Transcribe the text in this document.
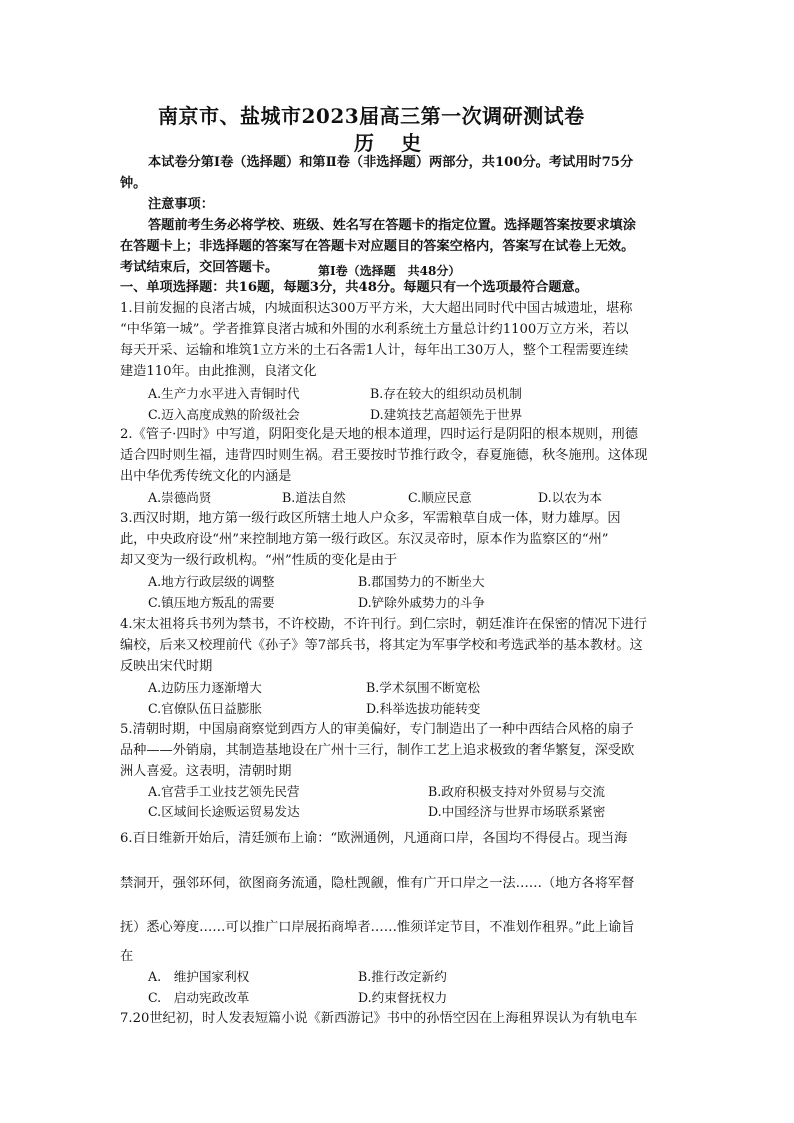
南京市、盐城市2023届高三第一次调研测试卷
历 史
本试卷分第Ⅰ卷（选择题）和第Ⅱ卷（非选择题）两部分，共100分。考试用时75分
钟。
注意事项：
答题前考生务必将学校、班级、姓名写在答题卡的指定位置。选择题答案按要求填涂
在答题卡上；非选择题的答案写在答题卡对应题目的答案空格内，答案写在试卷上无效。
考试结束后，交回答题卡。	第Ⅰ卷（选择题　共48分）
一、单项选择题：共16题，每题3分，共48分。每题只有一个选项最符合题意。
1.目前发掘的良渚古城，内城面积达300万平方米，大大超出同时代中国古城遗址，堪称
“中华第一城”。学者推算良渚古城和外围的水利系统土方量总计约1100万立方米，若以
每天开采、运输和堆筑1立方米的土石各需1人计，每年出工30万人，整个工程需要连续
建造110年。由此推测，良渚文化
A.生产力水平进入青铜时代	B.存在较大的组织动员机制
C.迈入高度成熟的阶级社会	D.建筑技艺高超领先于世界
2.《管子·四时》中写道，阴阳变化是天地的根本道理，四时运行是阴阳的根本规则，刑德
适合四时则生福，违背四时则生祸。君王要按时节推行政令，春夏施德，秋冬施刑。这体现
出中华优秀传统文化的内涵是
A.崇德尚贤	B.道法自然	C.顺应民意	D.以农为本
3.西汉时期，地方第一级行政区所辖土地人户众多，军需粮草自成一体，财力雄厚。因
此，中央政府设“州”来控制地方第一级行政区。东汉灵帝时，原本作为监察区的“州”
却又变为一级行政机构。“州”性质的变化是由于
A.地方行政层级的调整	B.郡国势力的不断坐大
C.镇压地方叛乱的需要	D.铲除外戚势力的斗争
4.宋太祖将兵书列为禁书，不许校勘，不许刊行。到仁宗时，朝廷准许在保密的情况下进行
编校，后来又校理前代《孙子》等7部兵书，将其定为军事学校和考选武举的基本教材。这
反映出宋代时期
A.边防压力逐渐增大	B.学术氛围不断宽松
C.官僚队伍日益膨胀	D.科举选拔功能转变
5.清朝时期，中国扇商察觉到西方人的审美偏好，专门制造出了一种中西结合风格的扇子
品种——外销扇，其制造基地设在广州十三行，制作工艺上追求极致的奢华繁复，深受欧
洲人喜爱。这表明，清朝时期
A.官营手工业技艺领先民营	B.政府积极支持对外贸易与交流
C.区域间长途贩运贸易发达	D.中国经济与世界市场联系紧密
6.百日维新开始后，清廷颁布上谕：“欧洲通例，凡通商口岸，各国均不得侵占。现当海
禁洞开，强邻环伺，欲图商务流通，隐杜觊觎，惟有广开口岸之一法……（地方各将军督
抚）悉心筹度……可以推广口岸展拓商埠者……惟须详定节目，不准划作租界。”此上谕旨
在
A.　维护国家利权	B.推行改定新约
C.　启动宪政改革	D.约束督抚权力
7.20世纪初，时人发表短篇小说《新西游记》书中的孙悟空因在上海租界误认为有轨电车
